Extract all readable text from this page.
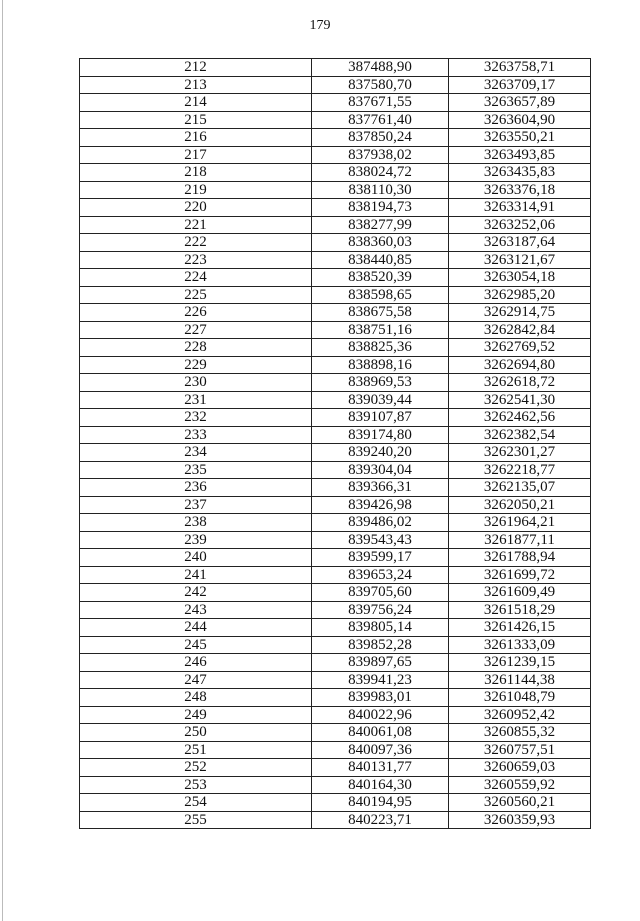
179
212	387488,90	3263758,71
213	837580,70	3263709,17
214	837671,55	3263657,89
215	837761,40	3263604,90
216	837850,24	3263550,21
217	837938,02	3263493,85
218	838024,72	3263435,83
219	838110,30	3263376,18
220	838194,73	3263314,91
221	838277,99	3263252,06
222	838360,03	3263187,64
223	838440,85	3263121,67
224	838520,39	3263054,18
225	838598,65	3262985,20
226	838675,58	3262914,75
227	838751,16	3262842,84
228	838825,36	3262769,52
229	838898,16	3262694,80
230	838969,53	3262618,72
231	839039,44	3262541,30
232	839107,87	3262462,56
233	839174,80	3262382,54
234	839240,20	3262301,27
235	839304,04	3262218,77
236	839366,31	3262135,07
237	839426,98	3262050,21
238	839486,02	3261964,21
239	839543,43	3261877,11
240	839599,17	3261788,94
241	839653,24	3261699,72
242	839705,60	3261609,49
243	839756,24	3261518,29
244	839805,14	3261426,15
245	839852,28	3261333,09
246	839897,65	3261239,15
247	839941,23	3261144,38
248	839983,01	3261048,79
249	840022,96	3260952,42
250	840061,08	3260855,32
251	840097,36	3260757,51
252	840131,77	3260659,03
253	840164,30	3260559,92
254	840194,95	3260560,21
255	840223,71	3260359,93
